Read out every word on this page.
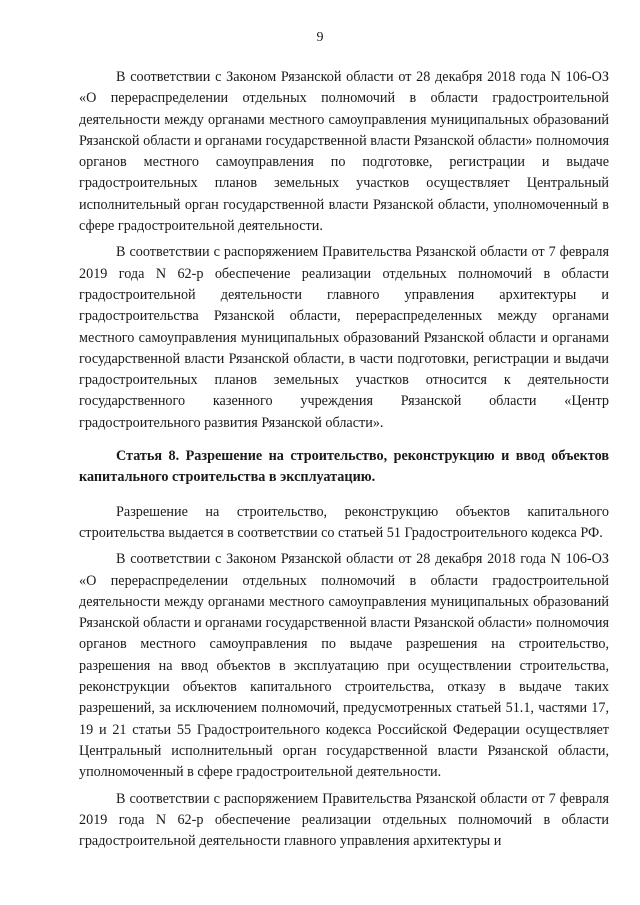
9

В соответствии с Законом Рязанской области от 28 декабря 2018 года N 106-ОЗ «О перераспределении отдельных полномочий в области градостроительной деятельности между органами местного самоуправления муниципальных образований Рязанской области и органами государственной власти Рязанской области» полномочия органов местного самоуправления по подготовке, регистрации и выдаче градостроительных планов земельных участков осуществляет Центральный исполнительный орган государственной власти Рязанской области, уполномоченный в сфере градостроительной деятельности.

В соответствии с распоряжением Правительства Рязанской области от 7 февраля 2019 года N 62-р обеспечение реализации отдельных полномочий в области градостроительной деятельности главного управления архитектуры и градостроительства Рязанской области, перераспределенных между органами местного самоуправления муниципальных образований Рязанской области и органами государственной власти Рязанской области, в части подготовки, регистрации и выдачи градостроительных планов земельных участков относится к деятельности государственного казенного учреждения Рязанской области «Центр градостроительного развития Рязанской области».

Статья 8. Разрешение на строительство, реконструкцию и ввод объектов капитального строительства в эксплуатацию.

Разрешение на строительство, реконструкцию объектов капитального строительства выдается в соответствии со статьей 51 Градостроительного кодекса РФ.

В соответствии с Законом Рязанской области от 28 декабря 2018 года N 106-ОЗ «О перераспределении отдельных полномочий в области градостроительной деятельности между органами местного самоуправления муниципальных образований Рязанской области и органами государственной власти Рязанской области» полномочия органов местного самоуправления по выдаче разрешения на строительство, разрешения на ввод объектов в эксплуатацию при осуществлении строительства, реконструкции объектов капитального строительства, отказу в выдаче таких разрешений, за исключением полномочий, предусмотренных статьей 51.1, частями 17, 19 и 21 статьи 55 Градостроительного кодекса Российской Федерации осуществляет Центральный исполнительный орган государственной власти Рязанской области, уполномоченный в сфере градостроительной деятельности.

В соответствии с распоряжением Правительства Рязанской области от 7 февраля 2019 года N 62-р обеспечение реализации отдельных полномочий в области градостроительной деятельности главного управления архитектуры и
